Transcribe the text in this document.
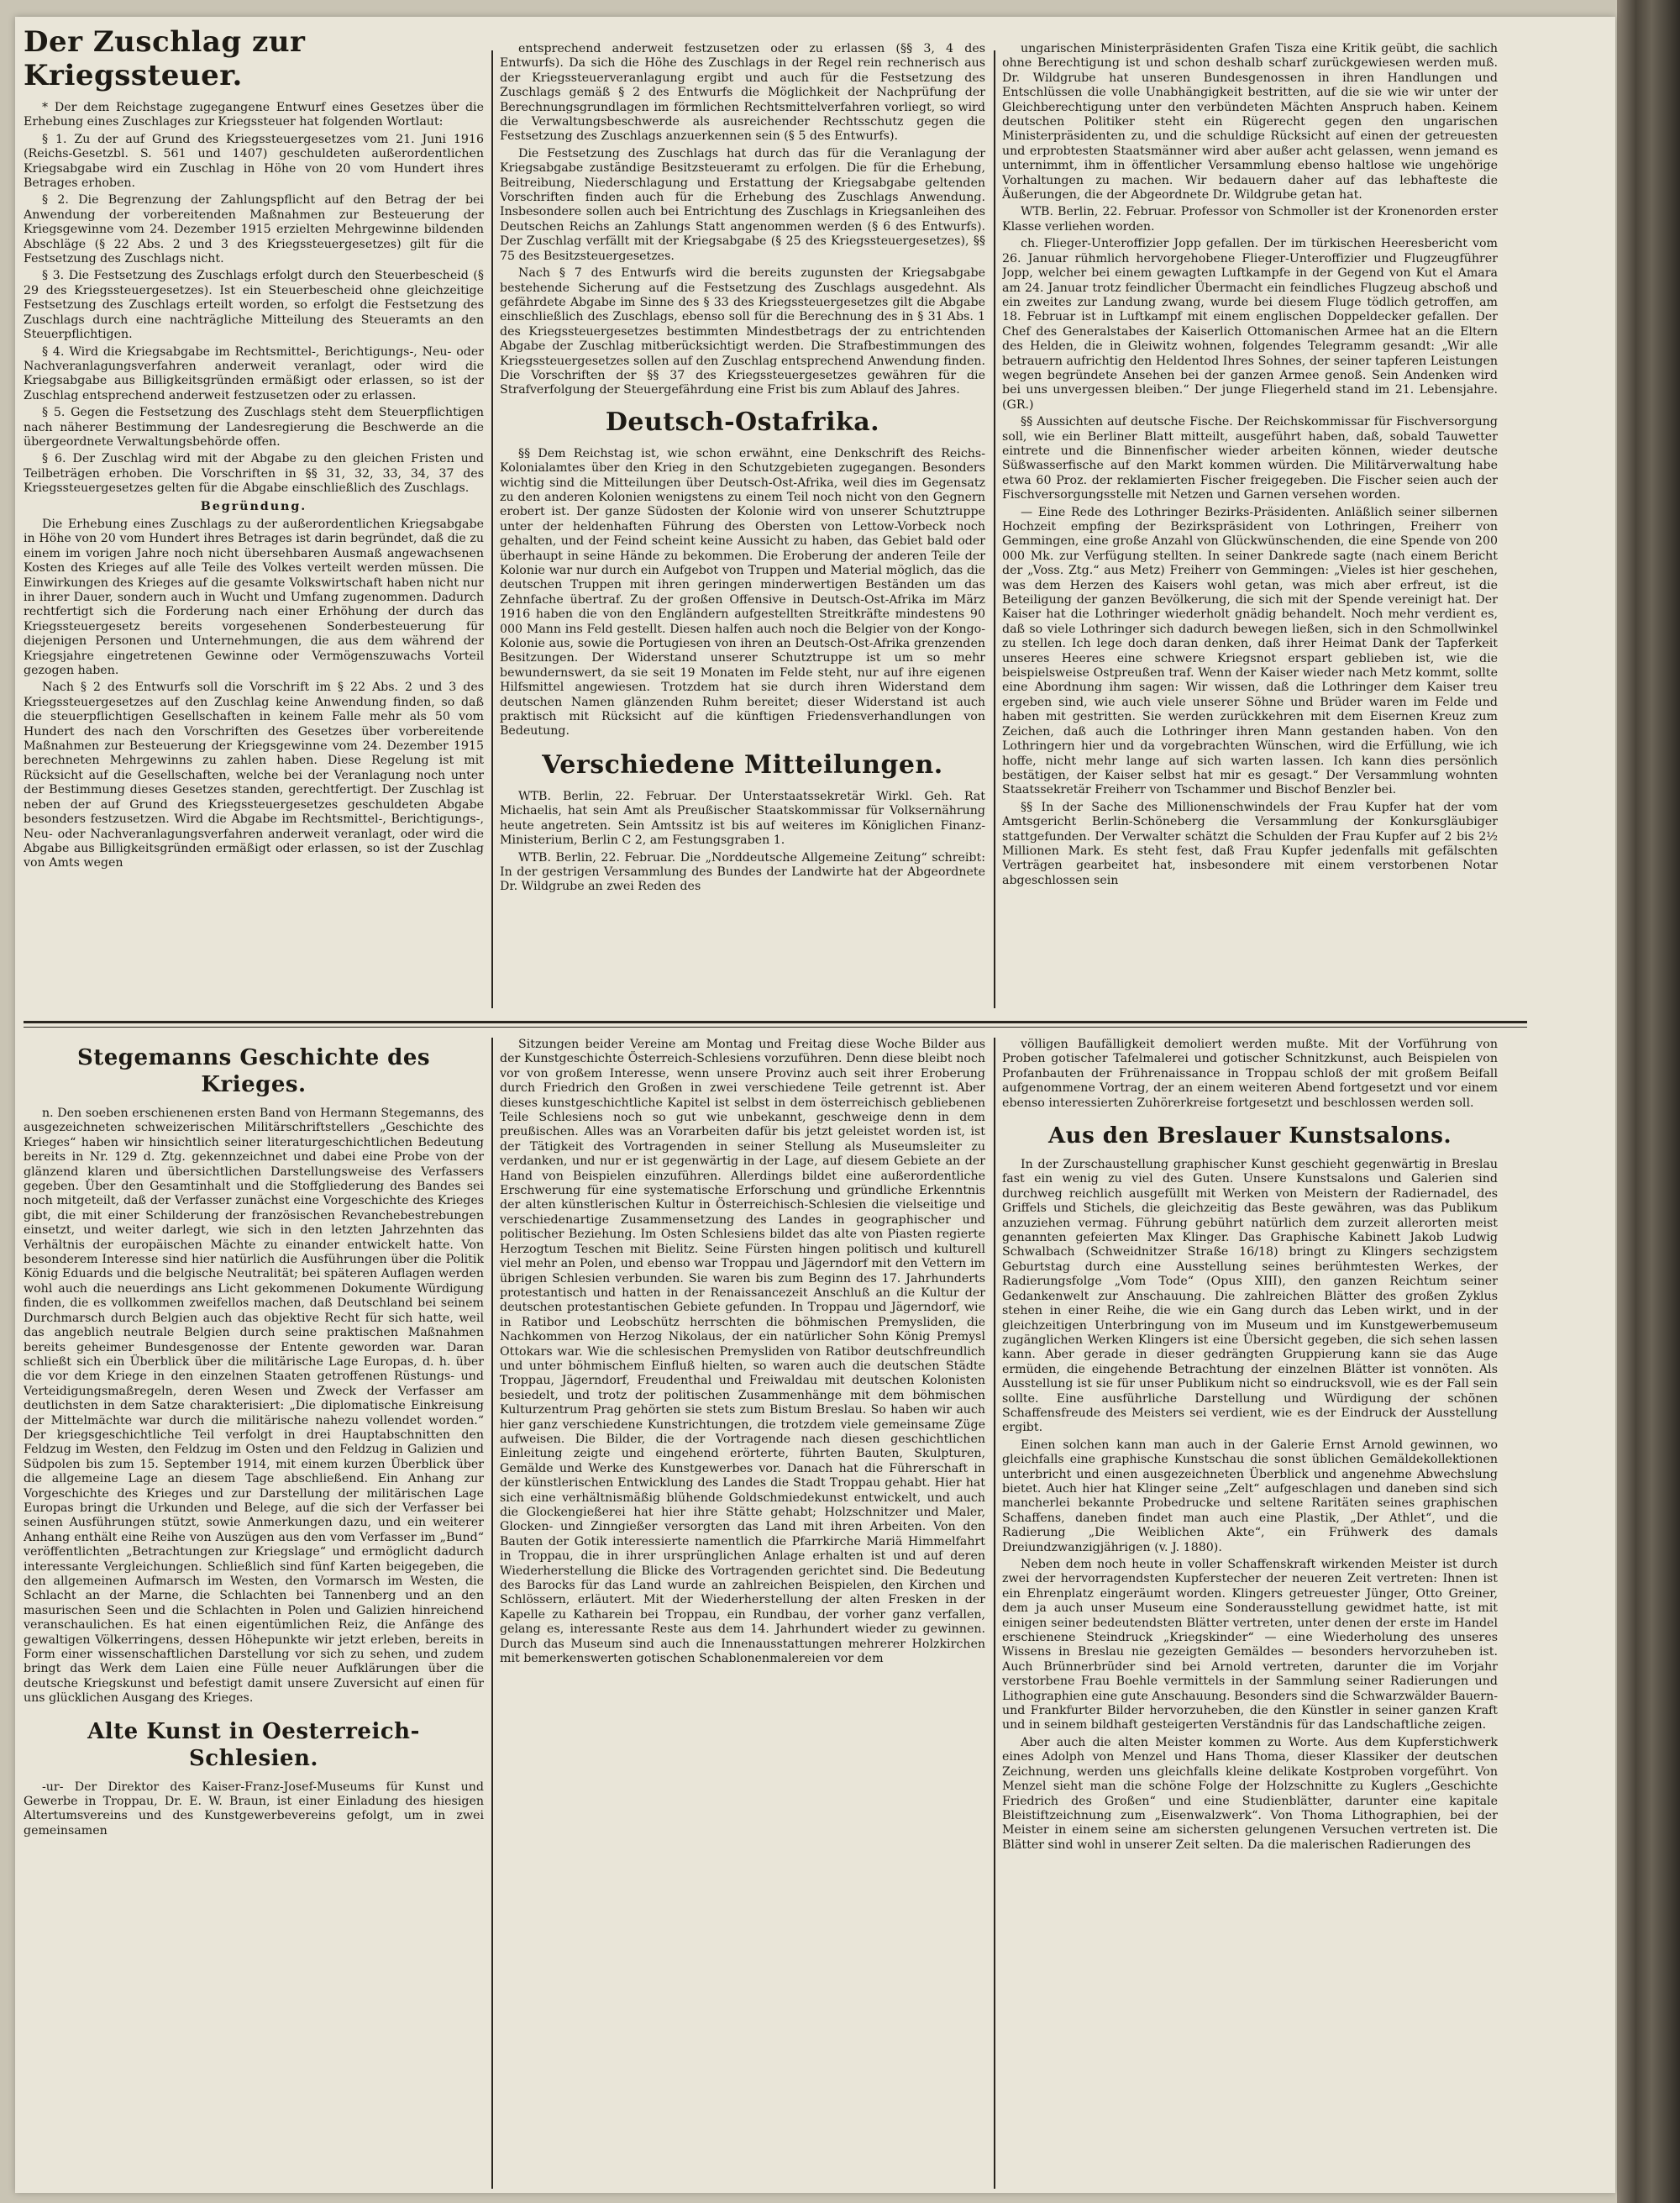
Der Zuschlag zur Kriegssteuer.

* Der dem Reichstage zugegangene Entwurf eines Gesetzes über die Erhebung eines Zuschlages zur Kriegssteuer hat folgenden Wortlaut:

§ 1. Zu der auf Grund des Kriegssteuergesetzes vom 21. Juni 1916 (Reichs-Gesetzbl. S. 561 und 1407) geschuldeten außerordentlichen Kriegsabgabe wird ein Zuschlag in Höhe von 20 vom Hundert ihres Betrages erhoben.

§ 2. Die Begrenzung der Zahlungspflicht auf den Betrag der bei Anwendung der vorbereitenden Maßnahmen zur Besteuerung der Kriegsgewinne vom 24. Dezember 1915 erzielten Mehrgewinne bildenden Abschläge (§ 22 Abs. 2 und 3 des Kriegssteuergesetzes) gilt für die Festsetzung des Zuschlags nicht.

§ 3. Die Festsetzung des Zuschlags erfolgt durch den Steuerbescheid (§ 29 des Kriegssteuergesetzes). Ist ein Steuerbescheid ohne gleichzeitige Festsetzung des Zuschlags erteilt worden, so erfolgt die Festsetzung des Zuschlags durch eine nachträgliche Mitteilung des Steueramts an den Steuerpflichtigen.

§ 4. Wird die Kriegsabgabe im Rechtsmittel-, Berichtigungs-, Neu- oder Nachveranlagungsverfahren anderweit veranlagt, oder wird die Kriegsabgabe aus Billigkeitsgründen ermäßigt oder erlassen, so ist der Zuschlag entsprechend anderweit festzusetzen oder zu erlassen.

§ 5. Gegen die Festsetzung des Zuschlags steht dem Steuerpflichtigen nach näherer Bestimmung der Landesregierung die Beschwerde an die übergeordnete Verwaltungsbehörde offen.

§ 6. Der Zuschlag wird mit der Abgabe zu den gleichen Fristen und Teilbeträgen erhoben. Die Vorschriften in §§ 31, 32, 33, 34, 37 des Kriegssteuergesetzes gelten für die Abgabe einschließlich des Zuschlags.

Begründung.

Die Erhebung eines Zuschlags zu der außerordentlichen Kriegsabgabe in Höhe von 20 vom Hundert ihres Betrages ist darin begründet, daß die zu einem im vorigen Jahre noch nicht übersehbaren Ausmaß angewachsenen Kosten des Krieges auf alle Teile des Volkes verteilt werden müssen. Die Einwirkungen des Krieges auf die gesamte Volkswirtschaft haben nicht nur in ihrer Dauer, sondern auch in Wucht und Umfang zugenommen. Dadurch rechtfertigt sich die Forderung nach einer Erhöhung der durch das Kriegssteuergesetz bereits vorgesehenen Sonderbesteuerung für diejenigen Personen und Unternehmungen, die aus dem während der Kriegsjahre eingetretenen Gewinne oder Vermögenszuwachs Vorteil gezogen haben.

Nach § 2 des Entwurfs soll die Vorschrift im § 22 Abs. 2 und 3 des Kriegssteuergesetzes auf den Zuschlag keine Anwendung finden, so daß die steuerpflichtigen Gesellschaften in keinem Falle mehr als 50 vom Hundert des nach den Vorschriften des Gesetzes über vorbereitende Maßnahmen zur Besteuerung der Kriegsgewinne vom 24. Dezember 1915 berechneten Mehrgewinns zu zahlen haben. Diese Regelung ist mit Rücksicht auf die Gesellschaften, welche bei der Veranlagung noch unter der Bestimmung dieses Gesetzes standen, gerechtfertigt. Der Zuschlag ist neben der auf Grund des Kriegssteuergesetzes geschuldeten Abgabe besonders festzusetzen. Wird die Abgabe im Rechtsmittel-, Berichtigungs-, Neu- oder Nachveranlagungsverfahren anderweit veranlagt, oder wird die Abgabe aus Billigkeitsgründen ermäßigt oder erlassen, so ist der Zuschlag von Amts wegen

entsprechend anderweit festzusetzen oder zu erlassen (§§ 3, 4 des Entwurfs). Da sich die Höhe des Zuschlags in der Regel rein rechnerisch aus der Kriegssteuerveranlagung ergibt und auch für die Festsetzung des Zuschlags gemäß § 2 des Entwurfs die Möglichkeit der Nachprüfung der Berechnungsgrundlagen im förmlichen Rechtsmittelverfahren vorliegt, so wird die Verwaltungsbeschwerde als ausreichender Rechtsschutz gegen die Festsetzung des Zuschlags anzuerkennen sein (§ 5 des Entwurfs).

Die Festsetzung des Zuschlags hat durch das für die Veranlagung der Kriegsabgabe zuständige Besitzsteueramt zu erfolgen. Die für die Erhebung, Beitreibung, Niederschlagung und Erstattung der Kriegsabgabe geltenden Vorschriften finden auch für die Erhebung des Zuschlags Anwendung. Insbesondere sollen auch bei Entrichtung des Zuschlags in Kriegsanleihen des Deutschen Reichs an Zahlungs Statt angenommen werden (§ 6 des Entwurfs). Der Zuschlag verfällt mit der Kriegsabgabe (§ 25 des Kriegssteuergesetzes), §§ 75 des Besitzsteuergesetzes.

Nach § 7 des Entwurfs wird die bereits zugunsten der Kriegsabgabe bestehende Sicherung auf die Festsetzung des Zuschlags ausgedehnt. Als gefährdete Abgabe im Sinne des § 33 des Kriegssteuergesetzes gilt die Abgabe einschließlich des Zuschlags, ebenso soll für die Berechnung des in § 31 Abs. 1 des Kriegssteuergesetzes bestimmten Mindestbetrags der zu entrichtenden Abgabe der Zuschlag mitberücksichtigt werden. Die Strafbestimmungen des Kriegssteuergesetzes sollen auf den Zuschlag entsprechend Anwendung finden. Die Vorschriften der §§ 37 des Kriegssteuergesetzes gewähren für die Strafverfolgung der Steuergefährdung eine Frist bis zum Ablauf des Jahres.

Deutsch-Ostafrika.

§§ Dem Reichstag ist, wie schon erwähnt, eine Denkschrift des Reichs-Kolonialamtes über den Krieg in den Schutzgebieten zugegangen. Besonders wichtig sind die Mitteilungen über Deutsch-Ost-Afrika, weil dies im Gegensatz zu den anderen Kolonien wenigstens zu einem Teil noch nicht von den Gegnern erobert ist. Der ganze Südosten der Kolonie wird von unserer Schutztruppe unter der heldenhaften Führung des Obersten von Lettow-Vorbeck noch gehalten, und der Feind scheint keine Aussicht zu haben, das Gebiet bald oder überhaupt in seine Hände zu bekommen. Die Eroberung der anderen Teile der Kolonie war nur durch ein Aufgebot von Truppen und Material möglich, das die deutschen Truppen mit ihren geringen minderwertigen Beständen um das Zehnfache übertraf. Zu der großen Offensive in Deutsch-Ost-Afrika im März 1916 haben die von den Engländern aufgestellten Streitkräfte mindestens 90 000 Mann ins Feld gestellt. Diesen halfen auch noch die Belgier von der Kongo-Kolonie aus, sowie die Portugiesen von ihren an Deutsch-Ost-Afrika grenzenden Besitzungen. Der Widerstand unserer Schutztruppe ist um so mehr bewundernswert, da sie seit 19 Monaten im Felde steht, nur auf ihre eigenen Hilfsmittel angewiesen. Trotzdem hat sie durch ihren Widerstand dem deutschen Namen glänzenden Ruhm bereitet; dieser Widerstand ist auch praktisch mit Rücksicht auf die künftigen Friedensverhandlungen von Bedeutung.

Verschiedene Mitteilungen.

WTB. Berlin, 22. Februar. Der Unterstaatssekretär Wirkl. Geh. Rat Michaelis, hat sein Amt als Preußischer Staatskommissar für Volksernährung heute angetreten. Sein Amtssitz ist bis auf weiteres im Königlichen Finanz-Ministerium, Berlin C 2, am Festungsgraben 1.

WTB. Berlin, 22. Februar. Die „Norddeutsche Allgemeine Zeitung“ schreibt: In der gestrigen Versammlung des Bundes der Landwirte hat der Abgeordnete Dr. Wildgrube an zwei Reden des

ungarischen Ministerpräsidenten Grafen Tisza eine Kritik geübt, die sachlich ohne Berechtigung ist und schon deshalb scharf zurückgewiesen werden muß. Dr. Wildgrube hat unseren Bundesgenossen in ihren Handlungen und Entschlüssen die volle Unabhängigkeit bestritten, auf die sie wie wir unter der Gleichberechtigung unter den verbündeten Mächten Anspruch haben. Keinem deutschen Politiker steht ein Rügerecht gegen den ungarischen Ministerpräsidenten zu, und die schuldige Rücksicht auf einen der getreuesten und erprobtesten Staatsmänner wird aber außer acht gelassen, wenn jemand es unternimmt, ihm in öffentlicher Versammlung ebenso haltlose wie ungehörige Vorhaltungen zu machen. Wir bedauern daher auf das lebhafteste die Äußerungen, die der Abgeordnete Dr. Wildgrube getan hat.

WTB. Berlin, 22. Februar. Professor von Schmoller ist der Kronenorden erster Klasse verliehen worden.

ch. Flieger-Unteroffizier Jopp gefallen. Der im türkischen Heeresbericht vom 26. Januar rühmlich hervorgehobene Flieger-Unteroffizier und Flugzeugführer Jopp, welcher bei einem gewagten Luftkampfe in der Gegend von Kut el Amara am 24. Januar trotz feindlicher Übermacht ein feindliches Flugzeug abschoß und ein zweites zur Landung zwang, wurde bei diesem Fluge tödlich getroffen, am 18. Februar ist in Luftkampf mit einem englischen Doppeldecker gefallen. Der Chef des Generalstabes der Kaiserlich Ottomanischen Armee hat an die Eltern des Helden, die in Gleiwitz wohnen, folgendes Telegramm gesandt: „Wir alle betrauern aufrichtig den Heldentod Ihres Sohnes, der seiner tapferen Leistungen wegen begründete Ansehen bei der ganzen Armee genoß. Sein Andenken wird bei uns unvergessen bleiben.“ Der junge Fliegerheld stand im 21. Lebensjahre. (GR.)

§§ Aussichten auf deutsche Fische. Der Reichskommissar für Fischversorgung soll, wie ein Berliner Blatt mitteilt, ausgeführt haben, daß, sobald Tauwetter eintrete und die Binnenfischer wieder arbeiten können, wieder deutsche Süßwasserfische auf den Markt kommen würden. Die Militärverwaltung habe etwa 60 Proz. der reklamierten Fischer freigegeben. Die Fischer seien auch der Fischversorgungsstelle mit Netzen und Garnen versehen worden.

— Eine Rede des Lothringer Bezirks-Präsidenten. Anläßlich seiner silbernen Hochzeit empfing der Bezirkspräsident von Lothringen, Freiherr von Gemmingen, eine große Anzahl von Glückwünschenden, die eine Spende von 200 000 Mk. zur Verfügung stellten. In seiner Dankrede sagte (nach einem Bericht der „Voss. Ztg.“ aus Metz) Freiherr von Gemmingen: „Vieles ist hier geschehen, was dem Herzen des Kaisers wohl getan, was mich aber erfreut, ist die Beteiligung der ganzen Bevölkerung, die sich mit der Spende vereinigt hat. Der Kaiser hat die Lothringer wiederholt gnädig behandelt. Noch mehr verdient es, daß so viele Lothringer sich dadurch bewegen ließen, sich in den Schmollwinkel zu stellen. Ich lege doch daran denken, daß ihrer Heimat Dank der Tapferkeit unseres Heeres eine schwere Kriegsnot erspart geblieben ist, wie die beispielsweise Ostpreußen traf. Wenn der Kaiser wieder nach Metz kommt, sollte eine Abordnung ihm sagen: Wir wissen, daß die Lothringer dem Kaiser treu ergeben sind, wie auch viele unserer Söhne und Brüder waren im Felde und haben mit gestritten. Sie werden zurückkehren mit dem Eisernen Kreuz zum Zeichen, daß auch die Lothringer ihren Mann gestanden haben. Von den Lothringern hier und da vorgebrachten Wünschen, wird die Erfüllung, wie ich hoffe, nicht mehr lange auf sich warten lassen. Ich kann dies persönlich bestätigen, der Kaiser selbst hat mir es gesagt.“ Der Versammlung wohnten Staatssekretär Freiherr von Tschammer und Bischof Benzler bei.

§§ In der Sache des Millionenschwindels der Frau Kupfer hat der vom Amtsgericht Berlin-Schöneberg die Versammlung der Konkursgläubiger stattgefunden. Der Verwalter schätzt die Schulden der Frau Kupfer auf 2 bis 2½ Millionen Mark. Es steht fest, daß Frau Kupfer jedenfalls mit gefälschten Verträgen gearbeitet hat, insbesondere mit einem verstorbenen Notar abgeschlossen sein

Stegemanns Geschichte des Krieges.

n. Den soeben erschienenen ersten Band von Hermann Stegemanns, des ausgezeichneten schweizerischen Militärschriftstellers „Geschichte des Krieges“ haben wir hinsichtlich seiner literaturgeschichtlichen Bedeutung bereits in Nr. 129 d. Ztg. gekennzeichnet und dabei eine Probe von der glänzend klaren und übersichtlichen Darstellungsweise des Verfassers gegeben. Über den Gesamtinhalt und die Stoffgliederung des Bandes sei noch mitgeteilt, daß der Verfasser zunächst eine Vorgeschichte des Krieges gibt, die mit einer Schilderung der französischen Revanchebestrebungen einsetzt, und weiter darlegt, wie sich in den letzten Jahrzehnten das Verhältnis der europäischen Mächte zu einander entwickelt hatte. Von besonderem Interesse sind hier natürlich die Ausführungen über die Politik König Eduards und die belgische Neutralität; bei späteren Auflagen werden wohl auch die neuerdings ans Licht gekommenen Dokumente Würdigung finden, die es vollkommen zweifellos machen, daß Deutschland bei seinem Durchmarsch durch Belgien auch das objektive Recht für sich hatte, weil das angeblich neutrale Belgien durch seine praktischen Maßnahmen bereits geheimer Bundesgenosse der Entente geworden war. Daran schließt sich ein Überblick über die militärische Lage Europas, d. h. über die vor dem Kriege in den einzelnen Staaten getroffenen Rüstungs- und Verteidigungsmaßregeln, deren Wesen und Zweck der Verfasser am deutlichsten in dem Satze charakterisiert: „Die diplomatische Einkreisung der Mittelmächte war durch die militärische nahezu vollendet worden.“ Der kriegsgeschichtliche Teil verfolgt in drei Hauptabschnitten den Feldzug im Westen, den Feldzug im Osten und den Feldzug in Galizien und Südpolen bis zum 15. September 1914, mit einem kurzen Überblick über die allgemeine Lage an diesem Tage abschließend. Ein Anhang zur Vorgeschichte des Krieges und zur Darstellung der militärischen Lage Europas bringt die Urkunden und Belege, auf die sich der Verfasser bei seinen Ausführungen stützt, sowie Anmerkungen dazu, und ein weiterer Anhang enthält eine Reihe von Auszügen aus den vom Verfasser im „Bund“ veröffentlichten „Betrachtungen zur Kriegslage“ und ermöglicht dadurch interessante Vergleichungen. Schließlich sind fünf Karten beigegeben, die den allgemeinen Aufmarsch im Westen, den Vormarsch im Westen, die Schlacht an der Marne, die Schlachten bei Tannenberg und an den masurischen Seen und die Schlachten in Polen und Galizien hinreichend veranschaulichen. Es hat einen eigentümlichen Reiz, die Anfänge des gewaltigen Völkerringens, dessen Höhepunkte wir jetzt erleben, bereits in Form einer wissenschaftlichen Darstellung vor sich zu sehen, und zudem bringt das Werk dem Laien eine Fülle neuer Aufklärungen über die deutsche Kriegskunst und befestigt damit unsere Zuversicht auf einen für uns glücklichen Ausgang des Krieges.

Alte Kunst in Oesterreich-Schlesien.

-ur- Der Direktor des Kaiser-Franz-Josef-Museums für Kunst und Gewerbe in Troppau, Dr. E. W. Braun, ist einer Einladung des hiesigen Altertumsvereins und des Kunstgewerbevereins gefolgt, um in zwei gemeinsamen

Sitzungen beider Vereine am Montag und Freitag diese Woche Bilder aus der Kunstgeschichte Österreich-Schlesiens vorzuführen. Denn diese bleibt noch vor von großem Interesse, wenn unsere Provinz auch seit ihrer Eroberung durch Friedrich den Großen in zwei verschiedene Teile getrennt ist. Aber dieses kunstgeschichtliche Kapitel ist selbst in dem österreichisch gebliebenen Teile Schlesiens noch so gut wie unbekannt, geschweige denn in dem preußischen. Alles was an Vorarbeiten dafür bis jetzt geleistet worden ist, ist der Tätigkeit des Vortragenden in seiner Stellung als Museumsleiter zu verdanken, und nur er ist gegenwärtig in der Lage, auf diesem Gebiete an der Hand von Beispielen einzuführen. Allerdings bildet eine außerordentliche Erschwerung für eine systematische Erforschung und gründliche Erkenntnis der alten künstlerischen Kultur in Österreichisch-Schlesien die vielseitige und verschiedenartige Zusammensetzung des Landes in geographischer und politischer Beziehung. Im Osten Schlesiens bildet das alte von Piasten regierte Herzogtum Teschen mit Bielitz. Seine Fürsten hingen politisch und kulturell viel mehr an Polen, und ebenso war Troppau und Jägerndorf mit den Vettern im übrigen Schlesien verbunden. Sie waren bis zum Beginn des 17. Jahrhunderts protestantisch und hatten in der Renaissancezeit Anschluß an die Kultur der deutschen protestantischen Gebiete gefunden. In Troppau und Jägerndorf, wie in Ratibor und Leobschütz herrschten die böhmischen Premysliden, die Nachkommen von Herzog Nikolaus, der ein natürlicher Sohn König Premysl Ottokars war. Wie die schlesischen Premysliden von Ratibor deutschfreundlich und unter böhmischem Einfluß hielten, so waren auch die deutschen Städte Troppau, Jägerndorf, Freudenthal und Freiwaldau mit deutschen Kolonisten besiedelt, und trotz der politischen Zusammenhänge mit dem böhmischen Kulturzentrum Prag gehörten sie stets zum Bistum Breslau. So haben wir auch hier ganz verschiedene Kunstrichtungen, die trotzdem viele gemeinsame Züge aufweisen. Die Bilder, die der Vortragende nach diesen geschichtlichen Einleitung zeigte und eingehend erörterte, führten Bauten, Skulpturen, Gemälde und Werke des Kunstgewerbes vor. Danach hat die Führerschaft in der künstlerischen Entwicklung des Landes die Stadt Troppau gehabt. Hier hat sich eine verhältnismäßig blühende Goldschmiedekunst entwickelt, und auch die Glockengießerei hat hier ihre Stätte gehabt; Holzschnitzer und Maler, Glocken- und Zinngießer versorgten das Land mit ihren Arbeiten. Von den Bauten der Gotik interessierte namentlich die Pfarrkirche Mariä Himmelfahrt in Troppau, die in ihrer ursprünglichen Anlage erhalten ist und auf deren Wiederherstellung die Blicke des Vortragenden gerichtet sind. Die Bedeutung des Barocks für das Land wurde an zahlreichen Beispielen, den Kirchen und Schlössern, erläutert. Mit der Wiederherstellung der alten Fresken in der Kapelle zu Katharein bei Troppau, ein Rundbau, der vorher ganz verfallen, gelang es, interessante Reste aus dem 14. Jahrhundert wieder zu gewinnen. Durch das Museum sind auch die Innenausstattungen mehrerer Holzkirchen mit bemerkenswerten gotischen Schablonenmalereien vor dem

völligen Baufälligkeit demoliert werden mußte. Mit der Vorführung von Proben gotischer Tafelmalerei und gotischer Schnitzkunst, auch Beispielen von Profanbauten der Frührenaissance in Troppau schloß der mit großem Beifall aufgenommene Vortrag, der an einem weiteren Abend fortgesetzt und vor einem ebenso interessierten Zuhörerkreise fortgesetzt und beschlossen werden soll.

Aus den Breslauer Kunstsalons.

In der Zurschaustellung graphischer Kunst geschieht gegenwärtig in Breslau fast ein wenig zu viel des Guten. Unsere Kunstsalons und Galerien sind durchweg reichlich ausgefüllt mit Werken von Meistern der Radiernadel, des Griffels und Stichels, die gleichzeitig das Beste gewähren, was das Publikum anzuziehen vermag. Führung gebührt natürlich dem zurzeit allerorten meist genannten gefeierten Max Klinger. Das Graphische Kabinett Jakob Ludwig Schwalbach (Schweidnitzer Straße 16/18) bringt zu Klingers sechzigstem Geburtstag durch eine Ausstellung seines berühmtesten Werkes, der Radierungsfolge „Vom Tode“ (Opus XIII), den ganzen Reichtum seiner Gedankenwelt zur Anschauung. Die zahlreichen Blätter des großen Zyklus stehen in einer Reihe, die wie ein Gang durch das Leben wirkt, und in der gleichzeitigen Unterbringung von im Museum und im Kunstgewerbemuseum zugänglichen Werken Klingers ist eine Übersicht gegeben, die sich sehen lassen kann. Aber gerade in dieser gedrängten Gruppierung kann sie das Auge ermüden, die eingehende Betrachtung der einzelnen Blätter ist vonnöten. Als Ausstellung ist sie für unser Publikum nicht so eindrucksvoll, wie es der Fall sein sollte. Eine ausführliche Darstellung und Würdigung der schönen Schaffensfreude des Meisters sei verdient, wie es der Eindruck der Ausstellung ergibt.

Einen solchen kann man auch in der Galerie Ernst Arnold gewinnen, wo gleichfalls eine graphische Kunstschau die sonst üblichen Gemäldekollektionen unterbricht und einen ausgezeichneten Überblick und angenehme Abwechslung bietet. Auch hier hat Klinger seine „Zelt“ aufgeschlagen und daneben sind sich mancherlei bekannte Probedrucke und seltene Raritäten seines graphischen Schaffens, daneben findet man auch eine Plastik, „Der Athlet“, und die Radierung „Die Weiblichen Akte“, ein Frühwerk des damals Dreiundzwanzigjährigen (v. J. 1880).

Neben dem noch heute in voller Schaffenskraft wirkenden Meister ist durch zwei der hervorragendsten Kupferstecher der neueren Zeit vertreten: Ihnen ist ein Ehrenplatz eingeräumt worden. Klingers getreuester Jünger, Otto Greiner, dem ja auch unser Museum eine Sonderausstellung gewidmet hatte, ist mit einigen seiner bedeutendsten Blätter vertreten, unter denen der erste im Handel erschienene Steindruck „Kriegskinder“ — eine Wiederholung des unseres Wissens in Breslau nie gezeigten Gemäldes — besonders hervorzuheben ist. Auch Brünnerbrüder sind bei Arnold vertreten, darunter die im Vorjahr verstorbene Frau Boehle vermittels in der Sammlung seiner Radierungen und Lithographien eine gute Anschauung. Besonders sind die Schwarzwälder Bauern- und Frankfurter Bilder hervorzuheben, die den Künstler in seiner ganzen Kraft und in seinem bildhaft gesteigerten Verständnis für das Landschaftliche zeigen.

Aber auch die alten Meister kommen zu Worte. Aus dem Kupferstichwerk eines Adolph von Menzel und Hans Thoma, dieser Klassiker der deutschen Zeichnung, werden uns gleichfalls kleine delikate Kostproben vorgeführt. Von Menzel sieht man die schöne Folge der Holzschnitte zu Kuglers „Geschichte Friedrich des Großen“ und eine Studienblätter, darunter eine kapitale Bleistiftzeichnung zum „Eisenwalzwerk“. Von Thoma Lithographien, bei der Meister in einem seine am sichersten gelungenen Versuchen vertreten ist. Die Blätter sind wohl in unserer Zeit selten. Da die malerischen Radierungen des
